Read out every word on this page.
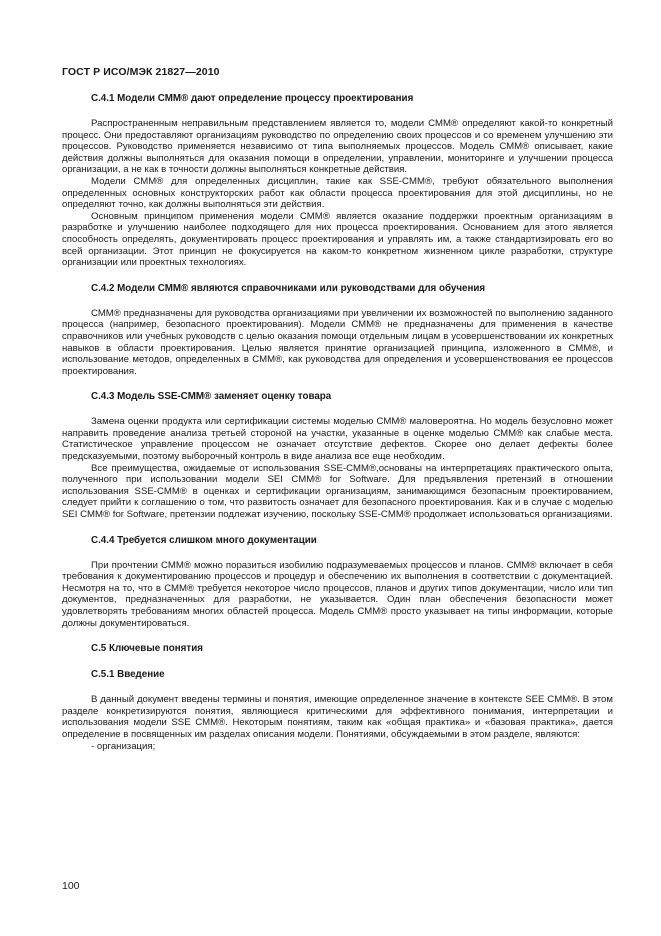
ГОСТ Р ИСО/МЭК 21827—2010
С.4.1 Модели СММ® дают определение процессу проектирования

Распространенным неправильным представлением является то, модели СММ® определяют какой-то конкретный процесс. Они предоставляют организациям руководство по определению своих процессов и со временем улучшению эти процессов. Руководство применяется независимо от типа выполняемых процессов. Модель СММ® описывает, какие действия должны выполняться для оказания помощи в определении, управлении, мониторинге и улучшении процесса организации, а не как в точности должны выполняться конкретные действия.

Модели СММ® для определенных дисциплин, такие как SSE-CMM®, требуют обязательного выполнения определенных основных конструкторских работ как области процесса проектирования для этой дисциплины, но не определяют точно, как должны выполняться эти действия.

Основным принципом применения модели СММ® является оказание поддержки проектным организациям в разработке и улучшению наиболее подходящего для них процесса проектирования. Основанием для этого является способность определять, документировать процесс проектирования и управлять им, а также стандартизировать его во всей организации. Этот принцип не фокусируется на каком-то конкретном жизненном цикле разработки, структуре организации или проектных технологиях.

С.4.2 Модели СММ® являются справочниками или руководствами для обучения

СММ® предназначены для руководства организациями при увеличении их возможностей по выполнению заданного процесса (например, безопасного проектирования). Модели СММ® не предназначены для применения в качестве справочников или учебных руководств с целью оказания помощи отдельным лицам в усовершенствовании их конкретных навыков в области проектирования. Целью является принятие организацией принципа, изложенного в СММ®, и использование методов, определенных в СММ®, как руководства для определения и усовершенствования ее процессов проектирования.

С.4.3 Модель SSE-CMM® заменяет оценку товара

Замена оценки продукта или сертификации системы моделью СММ® маловероятна. Но модель безусловно может направить проведение анализа третьей стороной на участки, указанные в оценке моделью СММ® как слабые места. Статистическое управление процессом не означает отсутствие дефектов. Скорее оно делает дефекты более предсказуемыми, поэтому выборочный контроль в виде анализа все еще необходим.

Все преимущества, ожидаемые от использования SSE-CMM®,основаны на интерпретациях практического опыта, полученного при использовании модели SEI CMM® for Software. Для предъявления претензий в отношении использования SSE-CMM® в оценках и сертификации организациям, занимающимся безопасным проектированием, следует прийти к соглашению о том, что развитость означает для безопасного проектирования. Как и в случае с моделью SEI CMM® for Software, претензии подлежат изучению, поскольку SSE-CMM® продолжает использоваться организациями.

С.4.4 Требуется слишком много документации

При прочтении СММ® можно поразиться изобилию подразумеваемых процессов и планов. СММ® включает в себя требования к документированию процессов и процедур и обеспечению их выполнения в соответствии с документацией. Несмотря на то, что в СММ® требуется некоторое число процессов, планов и других типов документации, число или тип документов, предназначенных для разработки, не указывается. Один план обеспечения безопасности может удовлетворять требованиям многих областей процесса. Модель СММ® просто указывает на типы информации, которые должны документироваться.

С.5 Ключевые понятия
С.5.1 Введение

В данный документ введены термины и понятия, имеющие определенное значение в контексте SEE CMM®. В этом разделе конкретизируются понятия, являющиеся критическими для эффективного понимания, интерпретации и использования модели SSE CMM®. Некоторым понятиям, таким как «общая практика» и «базовая практика», дается определение в посвященных им разделах описания модели. Понятиями, обсуждаемыми в этом разделе, являются:

- организация;
100
